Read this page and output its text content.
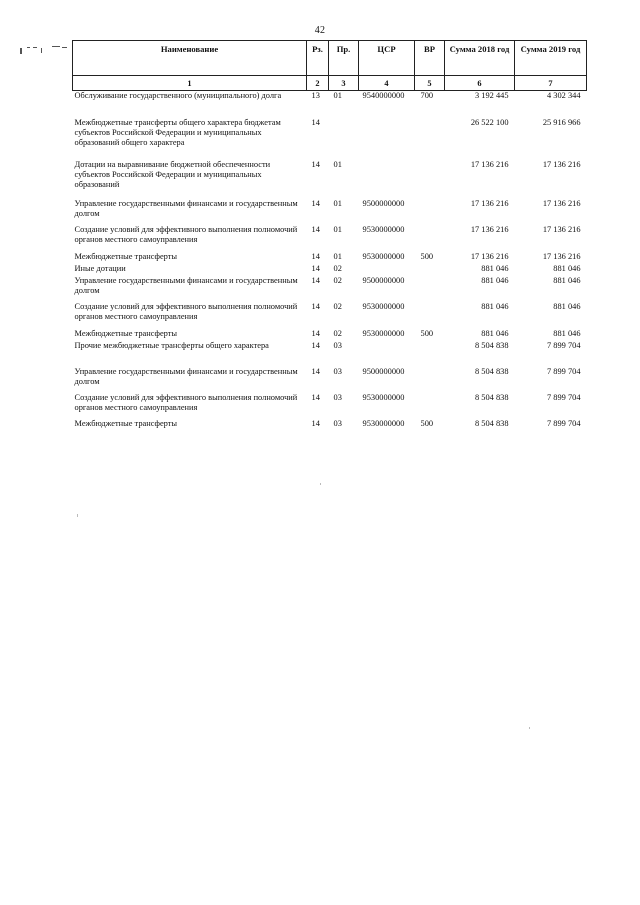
42
Наименование	Рз.	Пр.	ЦСР	ВР	Сумма 2018 год	Сумма 2019 год
1	2	3	4	5	6	7
Обслуживание государственного (муниципального) долга	13	01	9540000000	700	3 192 445	4 302 344
Межбюджетные трансферты общего характера бюджетам субъектов Российской Федерации и муниципальных образований общего характера	14				26 522 100	25 916 966
Дотации на выравнивание бюджетной обеспеченности субъектов Российской Федерации и муниципальных образований	14	01			17 136 216	17 136 216
Управление государственными финансами и государственным долгом	14	01	9500000000		17 136 216	17 136 216
Создание условий для эффективного выполнения полномочий органов местного самоуправления	14	01	9530000000		17 136 216	17 136 216
Межбюджетные трансферты	14	01	9530000000	500	17 136 216	17 136 216
Иные дотации	14	02			881 046	881 046
Управление государственными финансами и государственным долгом	14	02	9500000000		881 046	881 046
Создание условий для эффективного выполнения полномочий органов местного самоуправления	14	02	9530000000		881 046	881 046
Межбюджетные трансферты	14	02	9530000000	500	881 046	881 046
Прочие межбюджетные трансферты общего характера	14	03			8 504 838	7 899 704
Управление государственными финансами и государственным долгом	14	03	9500000000		8 504 838	7 899 704
Создание условий для эффективного выполнения полномочий органов местного самоуправления	14	03	9530000000		8 504 838	7 899 704
Межбюджетные трансферты	14	03	9530000000	500	8 504 838	7 899 704
